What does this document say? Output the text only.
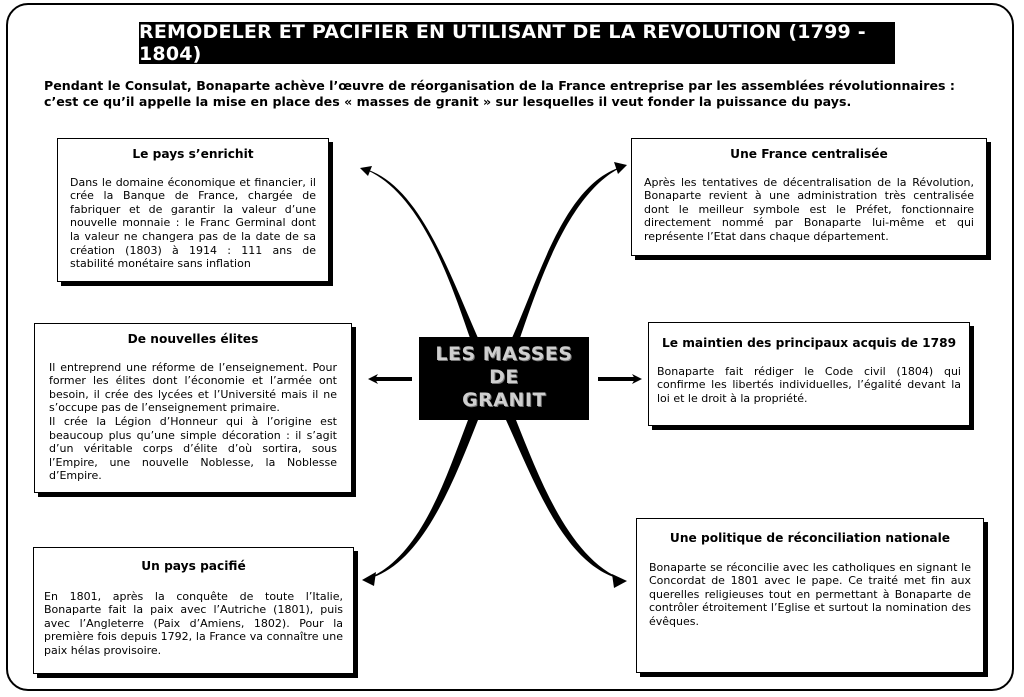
REMODELER ET PACIFIER EN UTILISANT DE LA REVOLUTION (1799 - 1804)
Pendant le Consulat, Bonaparte achève l’œuvre de réorganisation de la France entreprise par les assemblées révolutionnaires : c’est ce qu’il appelle la mise en place des « masses de granit » sur lesquelles il veut fonder la puissance du pays.
LES MASSES
DE
GRANIT
Le pays s’enrichit

Dans le domaine économique et financier, il crée la Banque de France, chargée de fabriquer et de garantir la valeur d’une nouvelle monnaie : le Franc Germinal dont la valeur ne changera pas de la date de sa création (1803) à 1914 : 111 ans de stabilité monétaire sans inflation

De nouvelles élites

Il entreprend une réforme de l’enseignement. Pour former les élites dont l’économie et l’armée ont besoin, il crée des lycées et l’Université mais il ne s’occupe pas de l’enseignement primaire.

Il crée la Légion d’Honneur qui à l’origine est beaucoup plus qu’une simple décoration : il s’agit d’un véritable corps d’élite d’où sortira, sous l’Empire, une nouvelle Noblesse, la Noblesse d’Empire.

Un pays pacifié

En 1801, après la conquête de toute l’Italie, Bonaparte fait la paix avec l’Autriche (1801), puis avec l’Angleterre (Paix d’Amiens, 1802). Pour la première fois depuis 1792, la France va connaître une paix hélas provisoire.

Une France centralisée

Après les tentatives de décentralisation de la Révolution, Bonaparte revient à une administration très centralisée dont le meilleur symbole est le Préfet, fonctionnaire directement nommé par Bonaparte lui-même et qui représente l’Etat dans chaque département.

Le maintien des principaux acquis de 1789

Bonaparte fait rédiger le Code civil (1804) qui confirme les libertés individuelles, l’égalité devant la loi et le droit à la propriété.

Une politique de réconciliation nationale

Bonaparte se réconcilie avec les catholiques en signant le Concordat de 1801 avec le pape. Ce traité met fin aux querelles religieuses tout en permettant à Bonaparte de contrôler étroitement l’Eglise et surtout la nomination des évêques.
